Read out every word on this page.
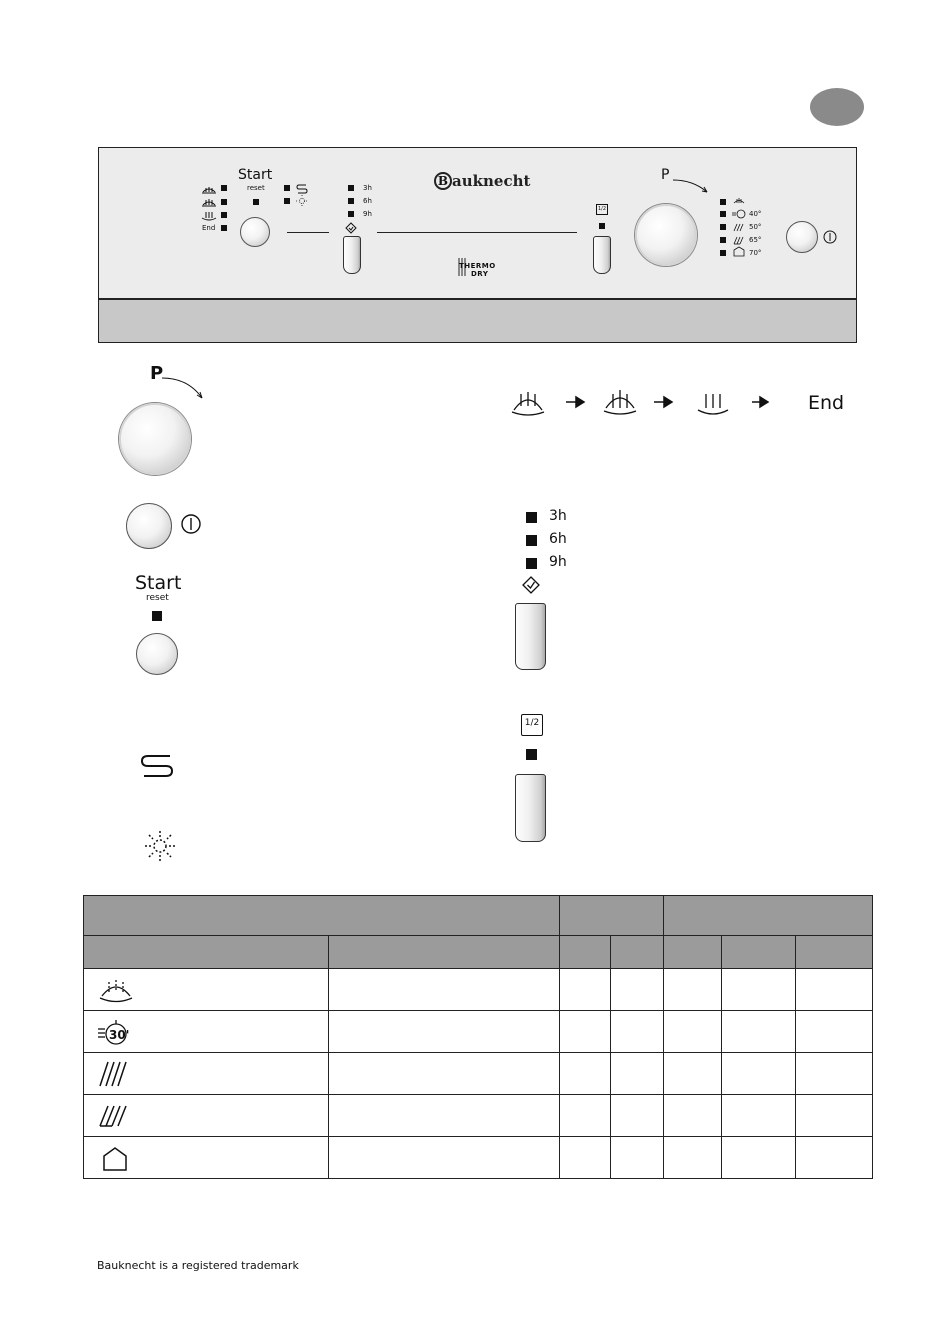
End
Start
reset	3h
6h
9h
B auknecht
THERMO
DRY
1/2
P
40°
50°
65°
70°
P
Start
reset
End
3h
6h
9h
1/2

30'						

Bauknecht is a registered trademark
